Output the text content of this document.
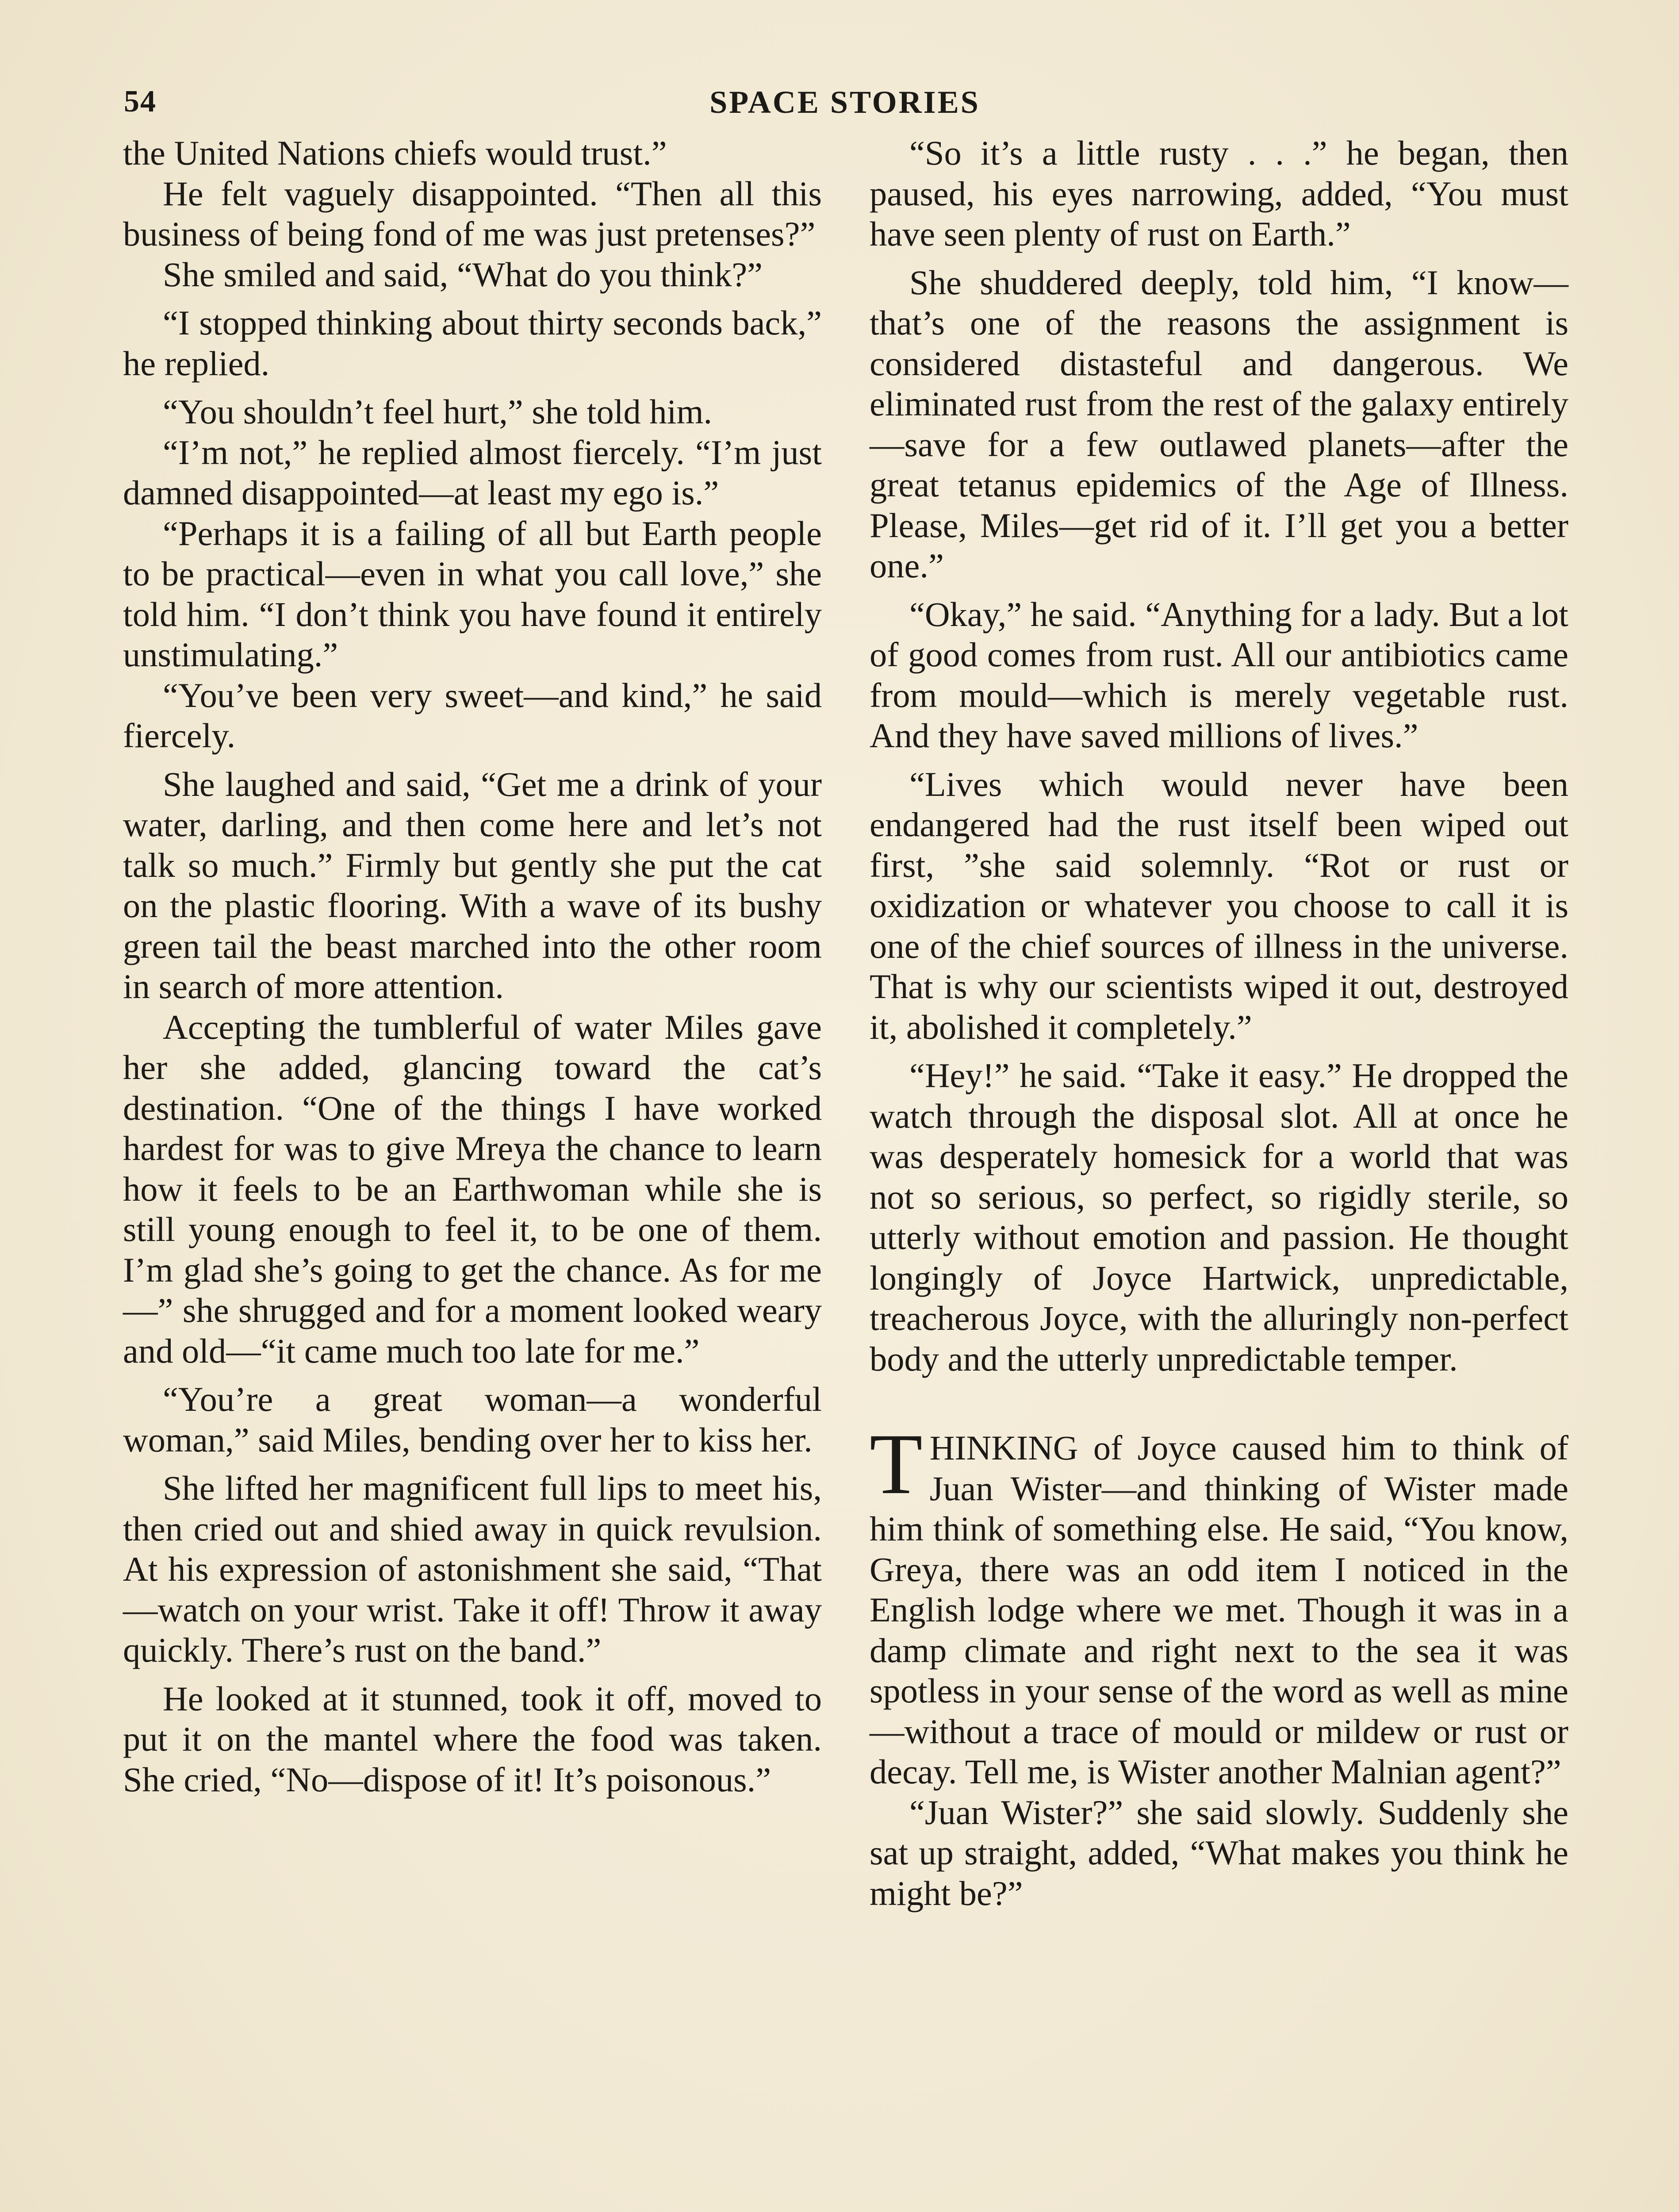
54	SPACE STORIES

the United Nations chiefs would trust.”

He felt vaguely disappointed. “Then all this business of being fond of me was just pretenses?”

She smiled and said, “What do you think?”

“I stopped thinking about thirty seconds back,” he replied.

“You shouldn’t feel hurt,” she told him.

“I’m not,” he replied almost fiercely. “I’m just damned disappointed—at least my ego is.”

“Perhaps it is a failing of all but Earth people to be practical—even in what you call love,” she told him. “I don’t think you have found it entirely unstimulating.”

“You’ve been very sweet—and kind,” he said fiercely.

She laughed and said, “Get me a drink of your water, darling, and then come here and let’s not talk so much.” Firmly but gently she put the cat on the plastic flooring. With a wave of its bushy green tail the beast marched into the other room in search of more attention.

Accepting the tumblerful of water Miles gave her she added, glancing toward the cat’s destination. “One of the things I have worked hardest for was to give Mreya the chance to learn how it feels to be an Earthwoman while she is still young enough to feel it, to be one of them. I’m glad she’s going to get the chance. As for me—” she shrugged and for a moment looked weary and old—“it came much too late for me.”

“You’re a great woman—a wonderful woman,” said Miles, bending over her to kiss her.

She lifted her magnificent full lips to meet his, then cried out and shied away in quick revulsion. At his expression of astonishment she said, “That—watch on your wrist. Take it off! Throw it away quickly. There’s rust on the band.”

He looked at it stunned, took it off, moved to put it on the mantel where the food was taken. She cried, “No—dispose of it! It’s poisonous.”

“So it’s a little rusty . . .” he began, then paused, his eyes narrowing, added, “You must have seen plenty of rust on Earth.”

She shuddered deeply, told him, “I know—that’s one of the reasons the assignment is considered distasteful and dangerous. We eliminated rust from the rest of the galaxy entirely—save for a few outlawed planets—after the great tetanus epidemics of the Age of Illness. Please, Miles—get rid of it. I’ll get you a better one.”

“Okay,” he said. “Anything for a lady. But a lot of good comes from rust. All our antibiotics came from mould—which is merely vegetable rust. And they have saved millions of lives.”

“Lives which would never have been endangered had the rust itself been wiped out first, ”she said solemnly. “Rot or rust or oxidization or whatever you choose to call it is one of the chief sources of illness in the universe. That is why our scientists wiped it out, destroyed it, abolished it completely.”

“Hey!” he said. “Take it easy.” He dropped the watch through the disposal slot. All at once he was desperately homesick for a world that was not so serious, so perfect, so rigidly sterile, so utterly without emotion and passion. He thought longingly of Joyce Hartwick, unpredictable, treacherous Joyce, with the alluringly non-perfect body and the utterly unpredictable temper.

THINKING of Joyce caused him to think of Juan Wister—and thinking of Wister made him think of something else. He said, “You know, Greya, there was an odd item I noticed in the English lodge where we met. Though it was in a damp climate and right next to the sea it was spotless in your sense of the word as well as mine—without a trace of mould or mildew or rust or decay. Tell me, is Wister another Malnian agent?”

“Juan Wister?” she said slowly. Suddenly she sat up straight, added, “What makes you think he might be?”
